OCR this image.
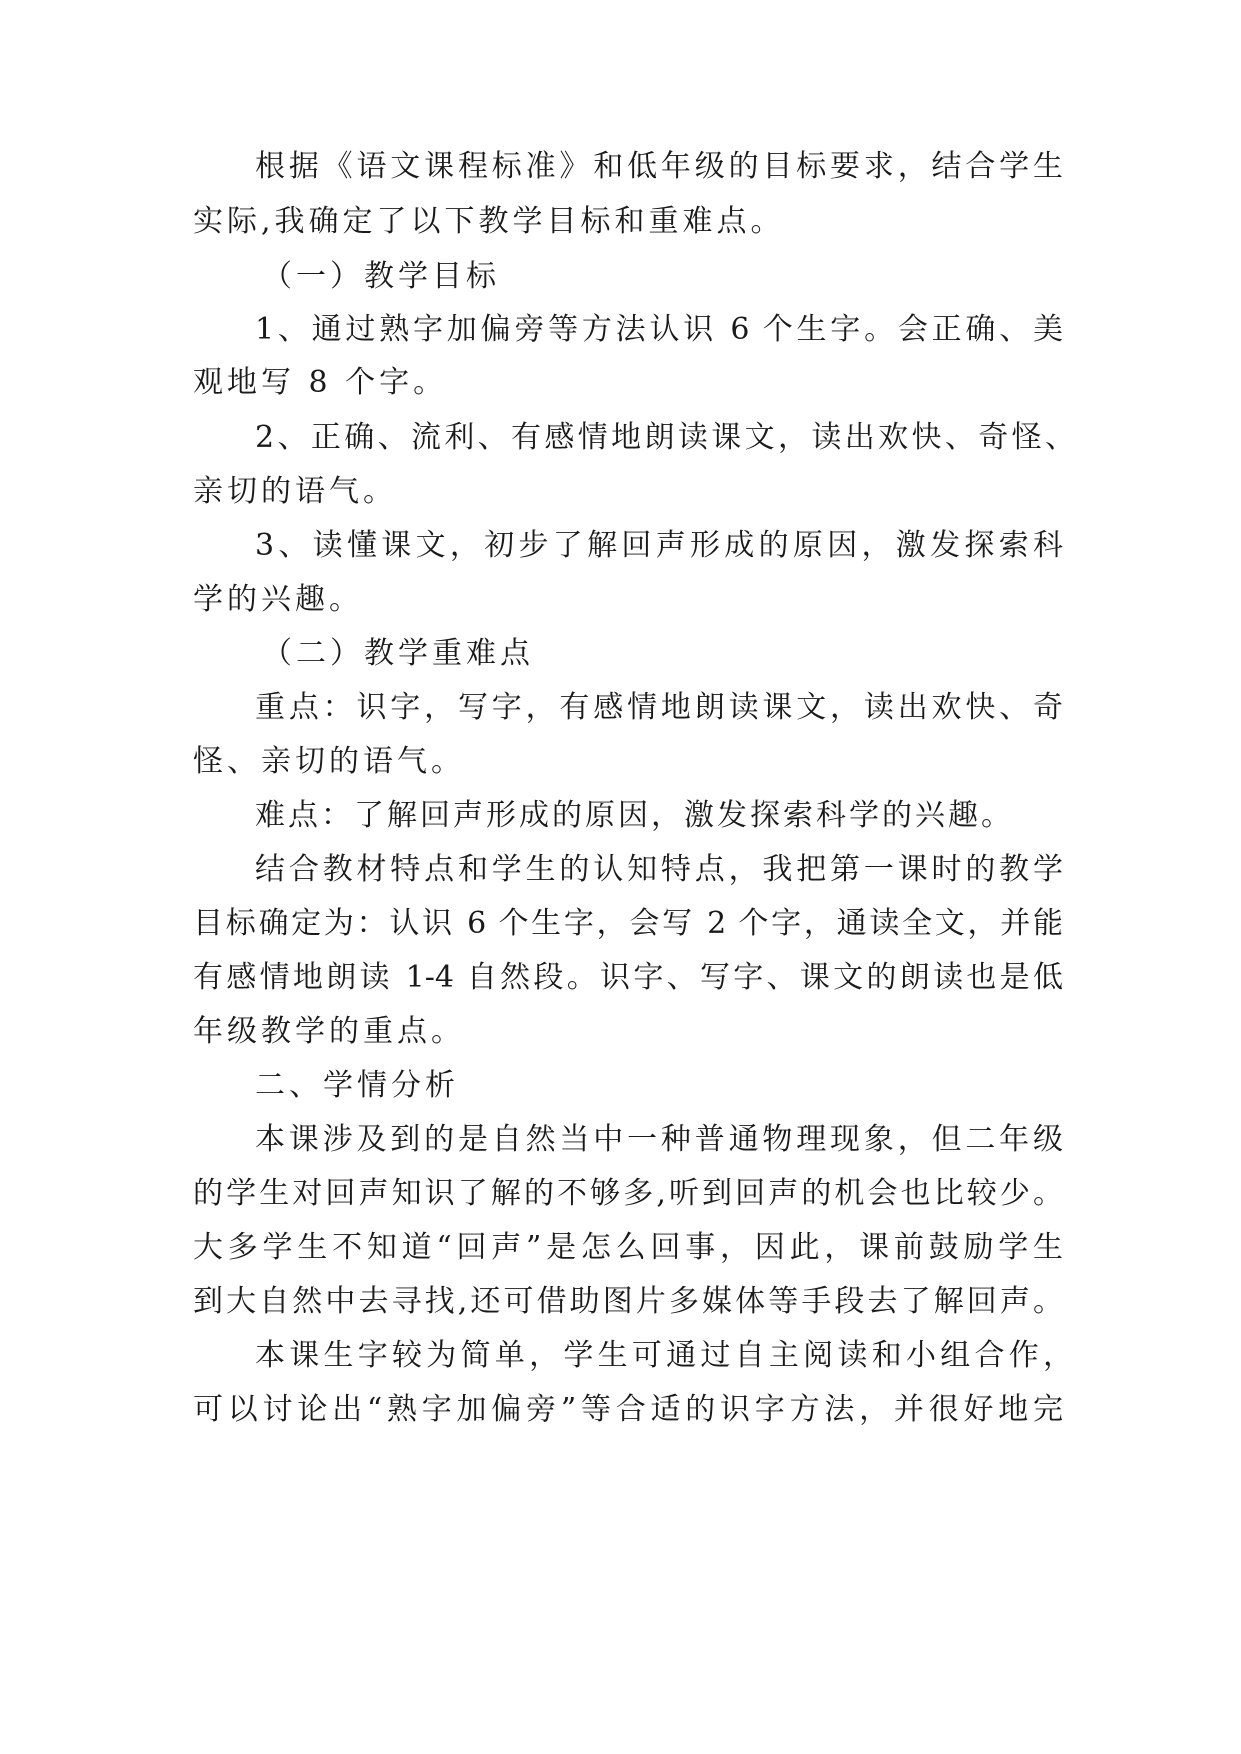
根据《语文课程标准》和低年级的目标要求，结合学生
实际,我确定了以下教学目标和重难点。
（一）教学目标
1、通过熟字加偏旁等方法认识 6 个生字。会正确、美
观地写 8 个字。
2、正确、流利、有感情地朗读课文，读出欢快、奇怪、
亲切的语气。
3、读懂课文，初步了解回声形成的原因，激发探索科
学的兴趣。
（二）教学重难点
重点：识字，写字，有感情地朗读课文，读出欢快、奇
怪、亲切的语气。
难点：了解回声形成的原因，激发探索科学的兴趣。
结合教材特点和学生的认知特点，我把第一课时的教学
目标确定为：认识 6 个生字，会写 2 个字，通读全文，并能
有感情地朗读 1-4 自然段。识字、写字、课文的朗读也是低
年级教学的重点。
二、学情分析
本课涉及到的是自然当中一种普通物理现象，但二年级
的学生对回声知识了解的不够多,听到回声的机会也比较少。
大多学生不知道“回声”是怎么回事，因此，课前鼓励学生
到大自然中去寻找,还可借助图片多媒体等手段去了解回声。
本课生字较为简单，学生可通过自主阅读和小组合作，
可以讨论出“熟字加偏旁”等合适的识字方法，并很好地完
